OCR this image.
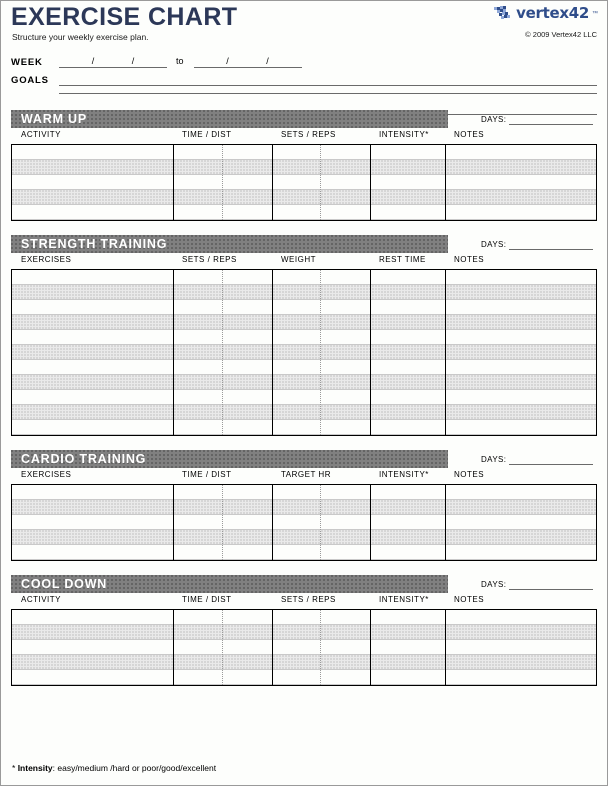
EXERCISE CHART
Structure your weekly exercise plan.
vertex42 ™
© 2009 Vertex42 LLC
WEEK	/	/	to	/	/
GOALS
WARM UP	DAYS:
ACTIVITY	TIME / DIST	SETS / REPS	INTENSITY*	NOTES
STRENGTH TRAINING	DAYS:
EXERCISES	SETS / REPS	WEIGHT	REST TIME	NOTES
CARDIO TRAINING	DAYS:
EXERCISES	TIME / DIST	TARGET HR	INTENSITY*	NOTES
COOL DOWN	DAYS:
ACTIVITY	TIME / DIST	SETS / REPS	INTENSITY*	NOTES
* Intensity: easy/medium /hard or poor/good/excellent
